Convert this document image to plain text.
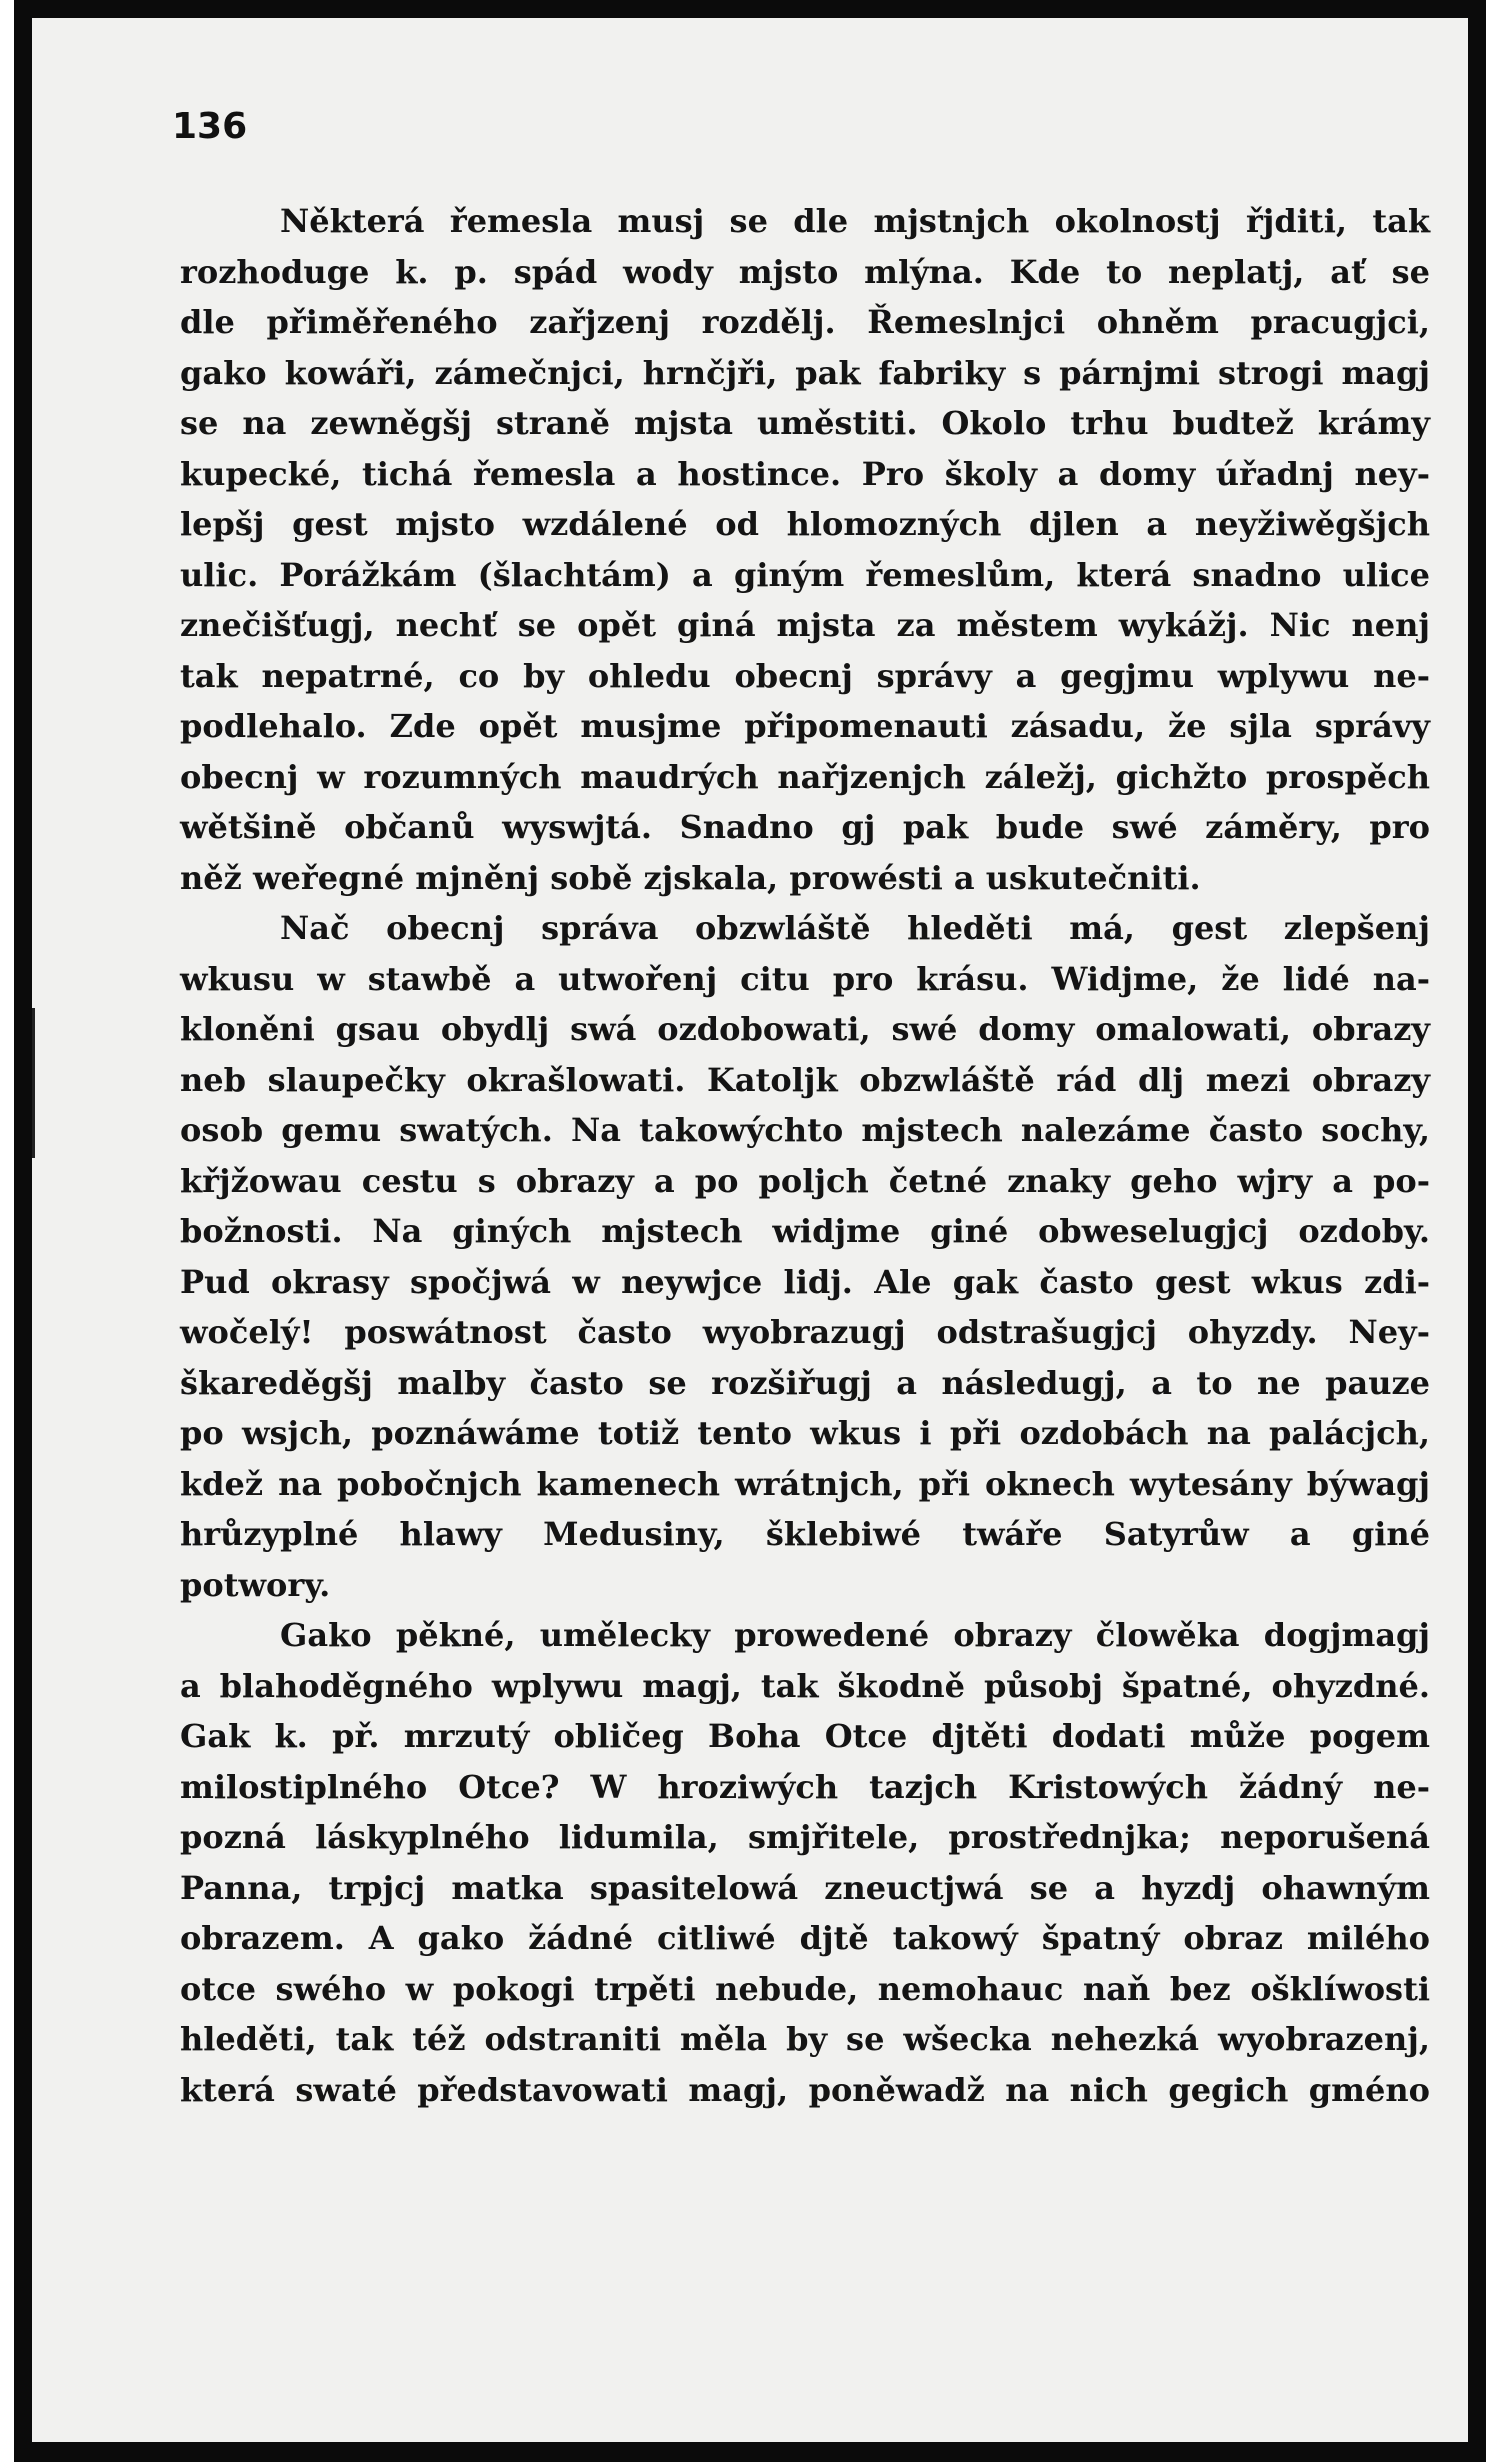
136
Některá řemesla musj se dle mjstnjch okolnostj řjditi, tak
rozhoduge k. p. spád wody mjsto mlýna. Kde to neplatj, ať se
dle přiměřeného zařjzenj rozdělj. Řemeslnjci ohněm pracugjci,
gako kowáři, zámečnjci, hrnčjři, pak fabriky s párnjmi strogi magj
se na zewněgšj straně mjsta uměstiti. Okolo trhu budtež krámy
kupecké, tichá řemesla a hostince. Pro školy a domy úřadnj ney-
lepšj gest mjsto wzdálené od hlomozných djlen a neyžiwěgšjch
ulic. Porážkám (šlachtám) a giným řemeslům, která snadno ulice
znečišťugj, nechť se opět giná mjsta za městem wykážj. Nic nenj
tak nepatrné, co by ohledu obecnj správy a gegjmu wplywu ne-
podlehalo. Zde opět musjme připomenauti zásadu, že sjla správy
obecnj w rozumných maudrých nařjzenjch záležj, gichžto prospěch
wětšině občanů wyswjtá. Snadno gj pak bude swé záměry, pro
něž weřegné mjněnj sobě zjskala, prowésti a uskutečniti.
Nač obecnj správa obzwláště hleděti má, gest zlepšenj
wkusu w stawbě a utwořenj citu pro krásu. Widjme, že lidé na-
kloněni gsau obydlj swá ozdobowati, swé domy omalowati, obrazy
neb slaupečky okrašlowati. Katoljk obzwláště rád dlj mezi obrazy
osob gemu swatých. Na takowýchto mjstech nalezáme často sochy,
křjžowau cestu s obrazy a po poljch četné znaky geho wjry a po-
božnosti. Na giných mjstech widjme giné obweselugjcj ozdoby.
Pud okrasy spočjwá w neywjce lidj. Ale gak často gest wkus zdi-
wočelý! poswátnost často wyobrazugj odstrašugjcj ohyzdy. Ney-
škareděgšj malby často se rozšiřugj a následugj, a to ne pauze
po wsjch, poznáwáme totiž tento wkus i při ozdobách na palácjch,
kdež na pobočnjch kamenech wrátnjch, při oknech wytesány býwagj
hrůzyplné hlawy Medusiny, šklebiwé twáře Satyrůw a giné
potwory.
Gako pěkné, umělecky prowedené obrazy člowěka dogjmagj
a blahoděgného wplywu magj, tak škodně působj špatné, ohyzdné.
Gak k. př. mrzutý obličeg Boha Otce djtěti dodati může pogem
milostiplného Otce? W hroziwých tazjch Kristowých žádný ne-
pozná láskyplného lidumila, smjřitele, prostřednjka; neporušená
Panna, trpjcj matka spasitelowá zneuctjwá se a hyzdj ohawným
obrazem. A gako žádné citliwé djtě takowý špatný obraz milého
otce swého w pokogi trpěti nebude, nemohauc naň bez ošklíwosti
hleděti, tak též odstraniti měla by se wšecka nehezká wyobrazenj,
která swaté představowati magj, poněwadž na nich gegich gméno
